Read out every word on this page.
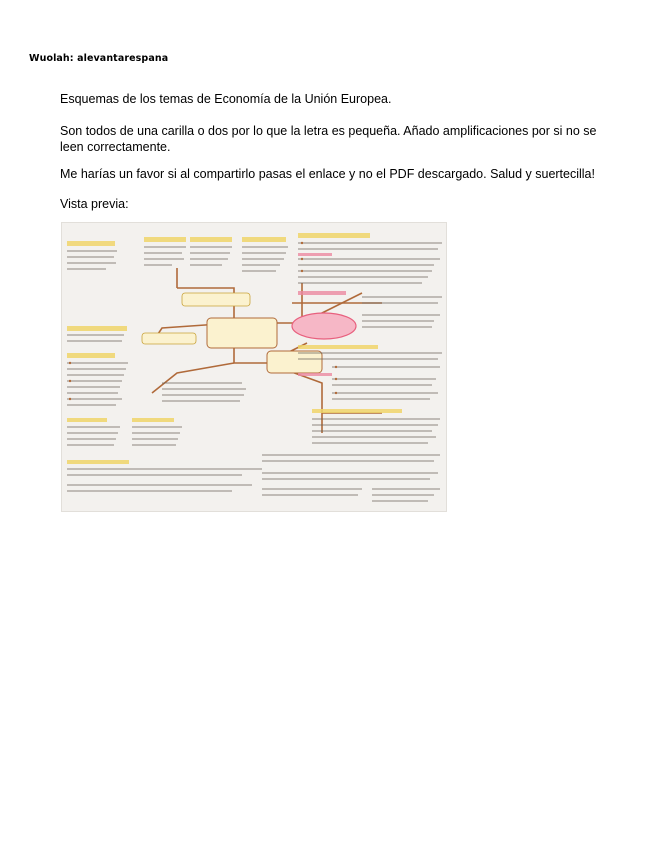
Wuolah: alevantarespana
Esquemas de los temas de Economía de la Unión Europea.
Son todos de una carilla o dos por lo que la letra es pequeña. Añado amplificaciones por si no se leen correctamente.
Me harías un favor si al compartirlo pasas el enlace y no el PDF descargado. Salud y suertecilla!
Vista previa:
